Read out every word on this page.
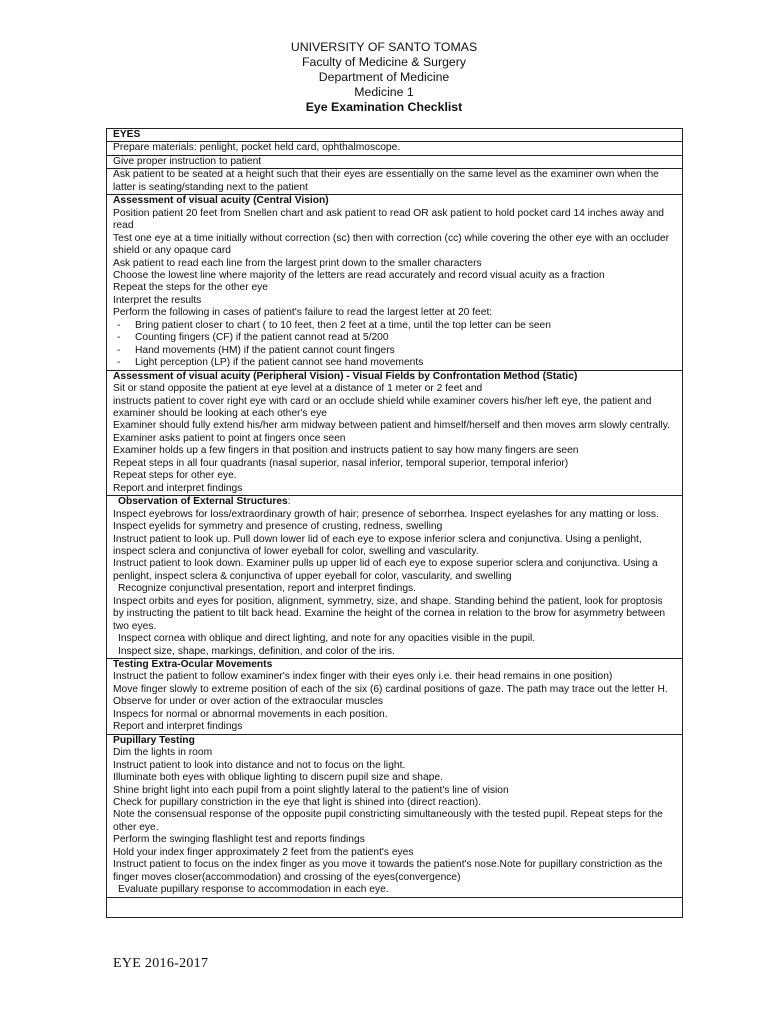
UNIVERSITY OF SANTO TOMAS
Faculty of Medicine & Surgery
Department of Medicine
Medicine 1
Eye Examination Checklist
EYES

Prepare materials: penlight, pocket held card, ophthalmoscope.

Give proper instruction to patient

Ask patient to be seated at a height such that their eyes are essentially on the same level as the examiner own when the latter is seating/standing next to the patient

Assessment of visual acuity (Central Vision)
Position patient 20 feet from Snellen chart and ask patient to read OR ask patient to hold pocket card 14 inches away and read
Test one eye at a time initially without correction (sc) then with correction (cc) while covering the other eye with an occluder shield or any opaque card
Ask patient to read each line from the largest print down to the smaller characters
Choose the lowest line where majority of the letters are read accurately and record visual acuity as a fraction
Repeat the steps for the other eye
Interpret the results
Perform the following in cases of patient's failure to read the largest letter at 20 feet:
-	Bring patient closer to chart ( to 10 feet, then 2 feet at a time, until the top letter can be seen
-	Counting fingers (CF) if the patient cannot read at 5/200
-	Hand movements (HM) if the patient cannot count fingers
-	Light perception (LP) if the patient cannot see hand movements

Assessment of visual acuity (Peripheral Vision) - Visual Fields by Confrontation Method (Static)
Sit or stand opposite the patient at eye level at a distance of 1 meter or 2 feet and
instructs patient to cover right eye with card or an occlude shield while examiner covers his/her left eye, the patient and examiner should be looking at each other's eye
Examiner should fully extend his/her arm midway between patient and himself/herself and then moves arm slowly centrally.
Examiner asks patient to point at fingers once seen
Examiner holds up a few fingers in that position and instructs patient to say how many fingers are seen
Repeat steps in all four quadrants (nasal superior, nasal inferior, temporal superior, temporal inferior)
Repeat steps for other eye.
Report and interpret findings

Observation of External Structures:
Inspect eyebrows for loss/extraordinary growth of hair; presence of seborrhea. Inspect eyelashes for any matting or loss.
Inspect eyelids for symmetry and presence of crusting, redness, swelling
Instruct patient to look up. Pull down lower lid of each eye to expose inferior sclera and conjunctiva. Using a penlight, inspect sclera and conjunctiva of lower eyeball for color, swelling and vascularity.
Instruct patient to look down. Examiner pulls up upper lid of each eye to expose superior sclera and conjunctiva. Using a penlight, inspect sclera & conjunctiva of upper eyeball for color, vascularity, and swelling
Recognize conjunctival presentation, report and interpret findings.
Inspect orbits and eyes for position, alignment, symmetry, size, and shape. Standing behind the patient, look for proptosis by instructing the patient to tilt back head. Examine the height of the cornea in relation to the brow for asymmetry between two eyes.
Inspect cornea with oblique and direct lighting, and note for any opacities visible in the pupil.
Inspect size, shape, markings, definition, and color of the iris.

Testing Extra-Ocular Movements
Instruct the patient to follow examiner's index finger with their eyes only i.e. their head remains in one position)
Move finger slowly to extreme position of each of the six (6) cardinal positions of gaze. The path may trace out the letter H.
Observe for under or over action of the extraocular muscles
Inspecs for normal or abnormal movements in each position.
Report and interpret findings

Pupillary Testing
Dim the lights in room
Instruct patient to look into distance and not to focus on the light.
Illuminate both eyes with oblique lighting to discern pupil size and shape.
Shine bright light into each pupil from a point slightly lateral to the patient's line of vision
Check for pupillary constriction in the eye that light is shined into (direct reaction).
Note the consensual response of the opposite pupil constricting simultaneously with the tested pupil. Repeat steps for the other eye.
Perform the swinging flashlight test and reports findings
Hold your index finger approximately 2 feet from the patient's eyes
Instruct patient to focus on the index finger as you move it towards the patient's nose.Note for pupillary constriction as the finger moves closer(accommodation) and crossing of the eyes(convergence)
Evaluate pupillary response to accommodation in each eye.

EYE 2016-2017
